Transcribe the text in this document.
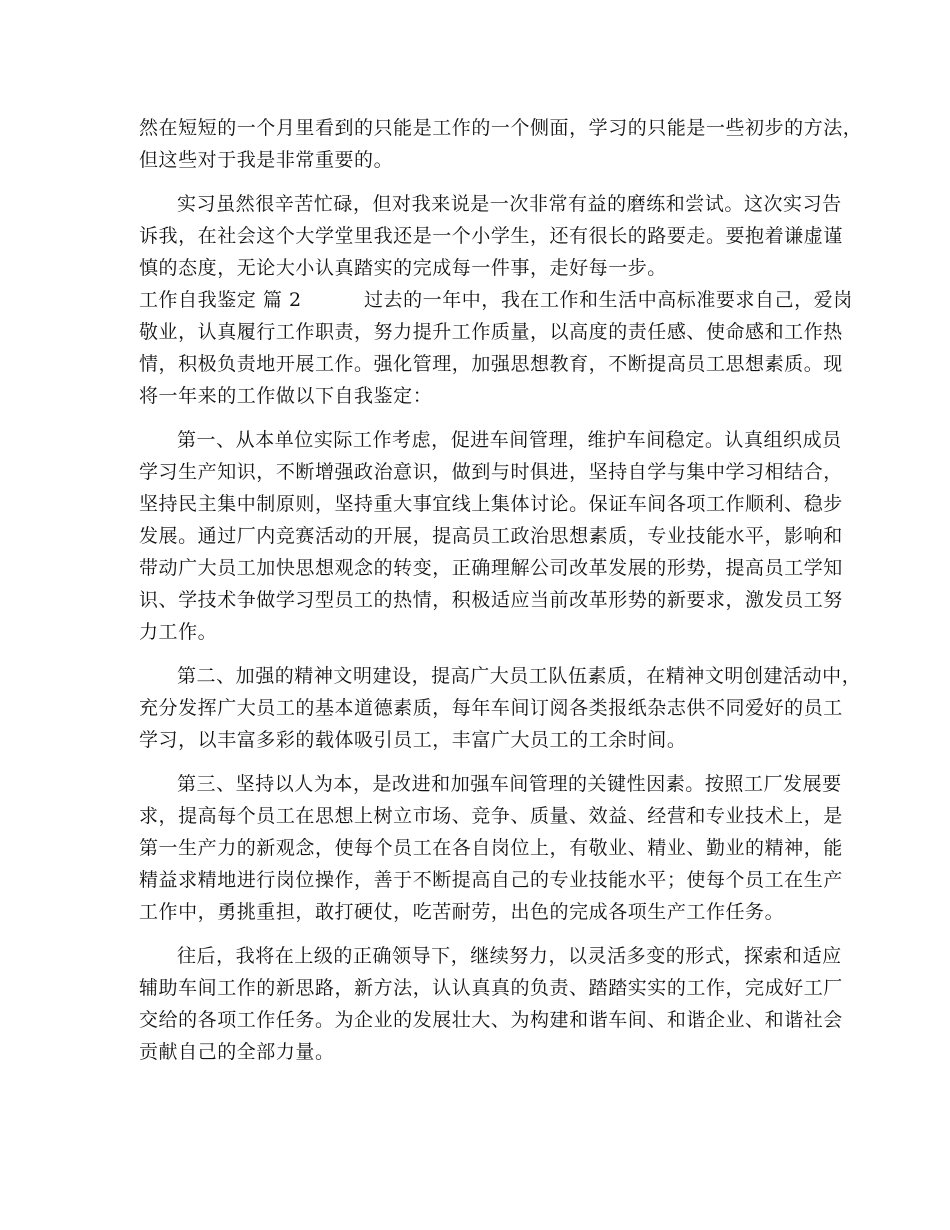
然在短短的一个月里看到的只能是工作的一个侧面，学习的只能是一些初步的方法，
但这些对于我是非常重要的。
实习虽然很辛苦忙碌，但对我来说是一次非常有益的磨练和尝试。这次实习告
诉我，在社会这个大学堂里我还是一个小学生，还有很长的路要走。要抱着谦虚谨
慎的态度，无论大小认真踏实的完成每一件事，走好每一步。
工作自我鉴定 篇 2	过去的一年中，我在工作和生活中高标准要求自己，爱岗
敬业，认真履行工作职责，努力提升工作质量，以高度的责任感、使命感和工作热
情，积极负责地开展工作。强化管理，加强思想教育，不断提高员工思想素质。现
将一年来的工作做以下自我鉴定：
第一、从本单位实际工作考虑，促进车间管理，维护车间稳定。认真组织成员
学习生产知识，不断增强政治意识，做到与时俱进，坚持自学与集中学习相结合，
坚持民主集中制原则，坚持重大事宜线上集体讨论。保证车间各项工作顺利、稳步
发展。通过厂内竞赛活动的开展，提高员工政治思想素质，专业技能水平，影响和
带动广大员工加快思想观念的转变，正确理解公司改革发展的形势，提高员工学知
识、学技术争做学习型员工的热情，积极适应当前改革形势的新要求，激发员工努
力工作。
第二、加强的精神文明建设，提高广大员工队伍素质，在精神文明创建活动中，
充分发挥广大员工的基本道德素质，每年车间订阅各类报纸杂志供不同爱好的员工
学习，以丰富多彩的载体吸引员工，丰富广大员工的工余时间。
第三、坚持以人为本，是改进和加强车间管理的关键性因素。按照工厂发展要
求，提高每个员工在思想上树立市场、竞争、质量、效益、经营和专业技术上，是
第一生产力的新观念，使每个员工在各自岗位上，有敬业、精业、勤业的精神，能
精益求精地进行岗位操作，善于不断提高自己的专业技能水平；使每个员工在生产
工作中，勇挑重担，敢打硬仗，吃苦耐劳，出色的完成各项生产工作任务。
往后，我将在上级的正确领导下，继续努力，以灵活多变的形式，探索和适应
辅助车间工作的新思路，新方法，认认真真的负责、踏踏实实的工作，完成好工厂
交给的各项工作任务。为企业的发展壮大、为构建和谐车间、和谐企业、和谐社会
贡献自己的全部力量。
